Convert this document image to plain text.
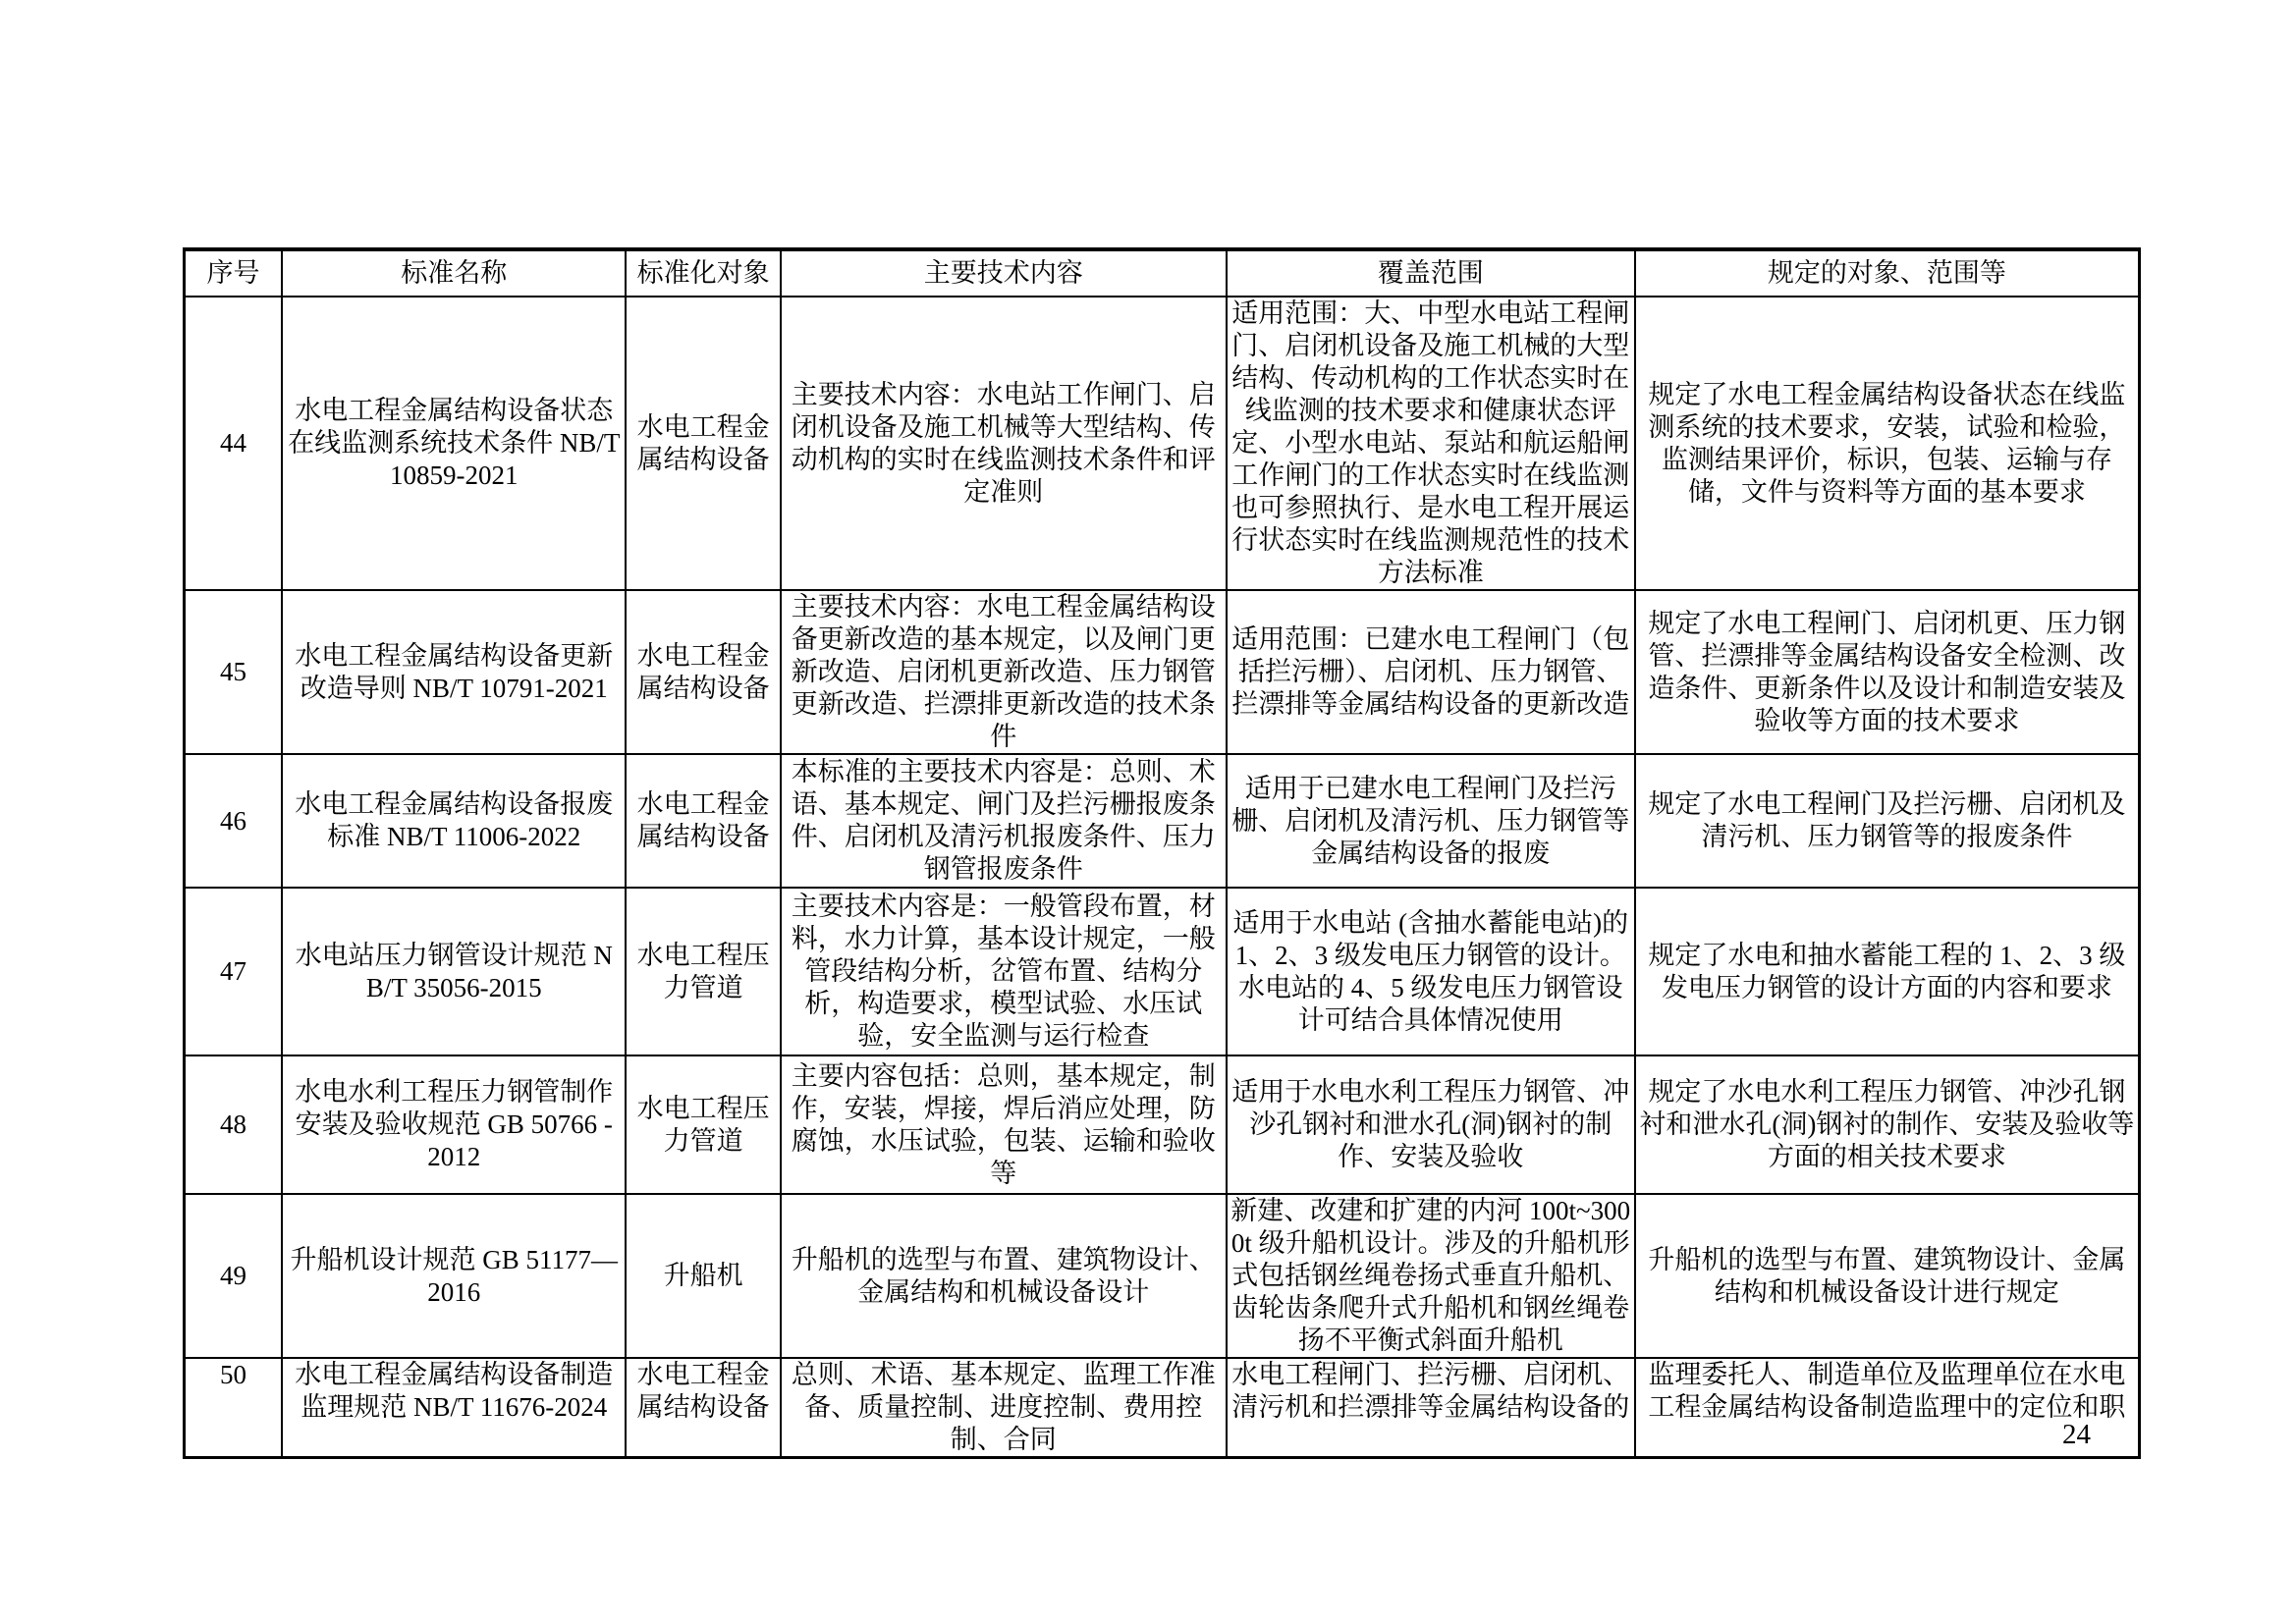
序号	标准名称	标准化对象	主要技术内容	覆盖范围	规定的对象、范围等
44	水电工程金属结构设备状态在线监测系统技术条件 NB/T 10859-2021	水电工程金属结构设备	主要技术内容：水电站工作闸门、启闭机设备及施工机械等大型结构、传动机构的实时在线监测技术条件和评定准则	适用范围：大、中型水电站工程闸门、启闭机设备及施工机械的大型结构、传动机构的工作状态实时在线监测的技术要求和健康状态评定、小型水电站、泵站和航运船闸工作闸门的工作状态实时在线监测也可参照执行、是水电工程开展运行状态实时在线监测规范性的技术方法标准	规定了水电工程金属结构设备状态在线监测系统的技术要求，安装，试验和检验，监测结果评价，标识，包装、运输与存储，文件与资料等方面的基本要求
45	水电工程金属结构设备更新改造导则 NB/T 10791-2021	水电工程金属结构设备	主要技术内容：水电工程金属结构设备更新改造的基本规定，以及闸门更新改造、启闭机更新改造、压力钢管更新改造、拦漂排更新改造的技术条件	适用范围：已建水电工程闸门（包括拦污栅）、启闭机、压力钢管、拦漂排等金属结构设备的更新改造	规定了水电工程闸门、启闭机更、压力钢管、拦漂排等金属结构设备安全检测、改造条件、更新条件以及设计和制造安装及验收等方面的技术要求
46	水电工程金属结构设备报废标准 NB/T 11006-2022	水电工程金属结构设备	本标准的主要技术内容是：总则、术语、基本规定、闸门及拦污栅报废条件、启闭机及清污机报废条件、压力钢管报废条件	适用于已建水电工程闸门及拦污栅、启闭机及清污机、压力钢管等金属结构设备的报废	规定了水电工程闸门及拦污栅、启闭机及清污机、压力钢管等的报废条件
47	水电站压力钢管设计规范 NB/T 35056-2015	水电工程压力管道	主要技术内容是：一般管段布置，材料，水力计算，基本设计规定，一般管段结构分析，岔管布置、结构分析，构造要求，模型试验、水压试验，安全监测与运行检查	适用于水电站 (含抽水蓄能电站)的 1、2、3 级发电压力钢管的设计。水电站的 4、5 级发电压力钢管设计可结合具体情况使用	规定了水电和抽水蓄能工程的 1、2、3 级发电压力钢管的设计方面的内容和要求
48	水电水利工程压力钢管制作安装及验收规范 GB 50766 - 2012	水电工程压力管道	主要内容包括：总则，基本规定，制作，安装，焊接，焊后消应处理，防腐蚀，水压试验，包装、运输和验收等	适用于水电水利工程压力钢管、冲沙孔钢衬和泄水孔(洞)钢衬的制作、安装及验收	规定了水电水利工程压力钢管、冲沙孔钢衬和泄水孔(洞)钢衬的制作、安装及验收等方面的相关技术要求
49	升船机设计规范 GB 51177—2016	升船机	升船机的选型与布置、建筑物设计、金属结构和机械设备设计	新建、改建和扩建的内河 100t~3000t 级升船机设计。涉及的升船机形式包括钢丝绳卷扬式垂直升船机、齿轮齿条爬升式升船机和钢丝绳卷扬不平衡式斜面升船机	升船机的选型与布置、建筑物设计、金属结构和机械设备设计进行规定
50	水电工程金属结构设备制造监理规范 NB/T 11676-2024	水电工程金属结构设备	总则、术语、基本规定、监理工作准备、质量控制、进度控制、费用控制、合同	水电工程闸门、拦污栅、启闭机、清污机和拦漂排等金属结构设备的	监理委托人、制造单位及监理单位在水电工程金属结构设备制造监理中的定位和职
24
